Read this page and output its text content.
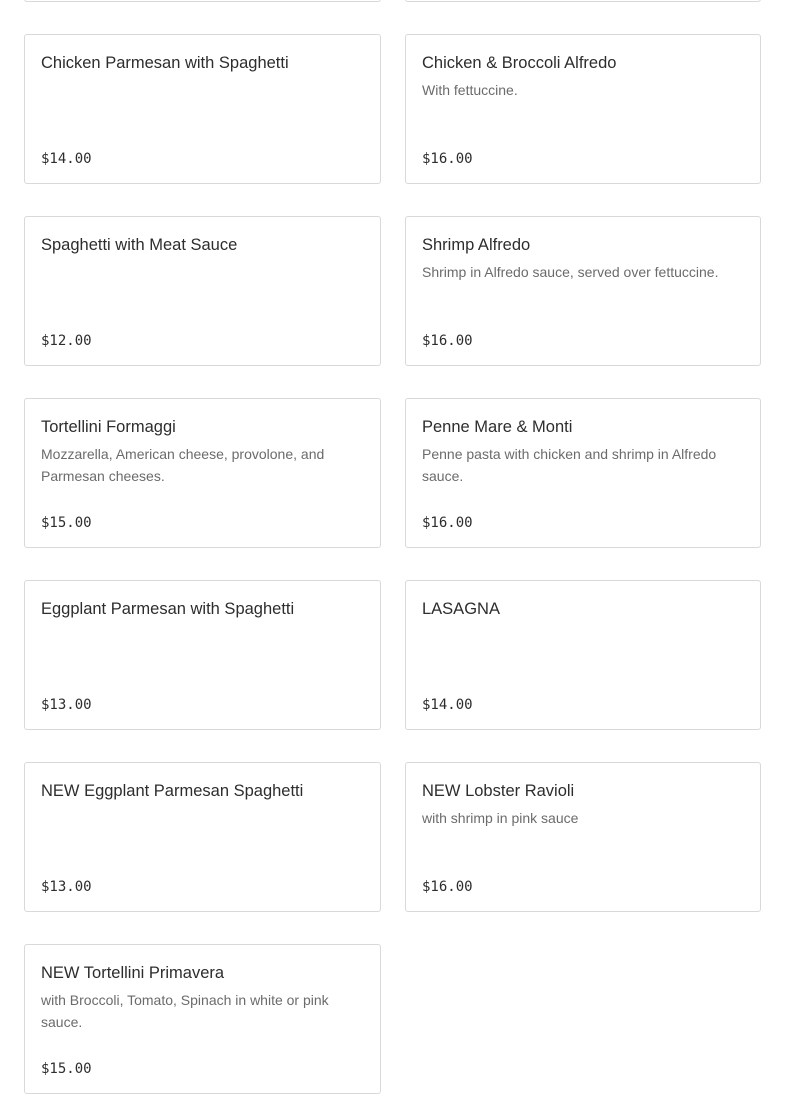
Chicken Parmesan with Spaghetti
$14.00
Chicken & Broccoli Alfredo
With fettuccine.
$16.00
Spaghetti with Meat Sauce
$12.00
Shrimp Alfredo
Shrimp in Alfredo sauce, served over fettuccine.
$16.00
Tortellini Formaggi
Mozzarella, American cheese, provolone, and Parmesan cheeses.
$15.00
Penne Mare & Monti
Penne pasta with chicken and shrimp in Alfredo sauce.
$16.00
Eggplant Parmesan with Spaghetti
$13.00
LASAGNA
$14.00
NEW Eggplant Parmesan Spaghetti
$13.00
NEW Lobster Ravioli
with shrimp in pink sauce
$16.00
NEW Tortellini Primavera
with Broccoli, Tomato, Spinach in white or pink sauce.
$15.00
